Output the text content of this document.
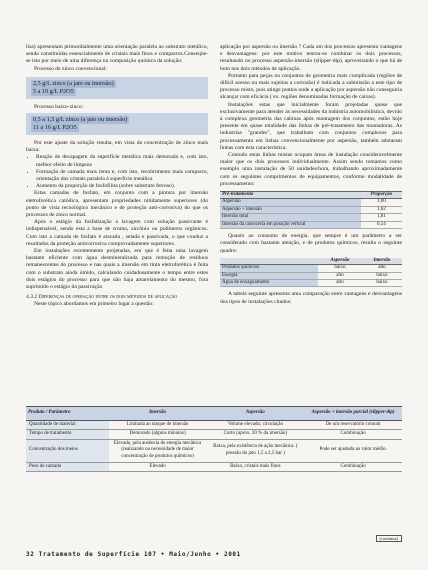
lisa) apresentam primordialmente uma orientação paralela ao substrato metálico, sendo constituídas essencialmente de cristais mais finos e compactos.Conseqüe-se isto por meio de uma diferença na composição química da solução:

Processo de zinco convencional:

2,5 g/L zinco (a jato ou imersão)
5 a 10 g/L P2O5

Processo baixo-zinco:

0,5 a 1,5 g/L zinco (a jato ou imersão)
11 a 16 g/L P2O5

Por este ajuste da solução resulta, em vista da concentração de zinco mais baixa:

• Reação de decapagem da superfície metálica mais demorada e, com isto, melhor efeito de limpeza
• Formação de camada mais lenta e, com isto, recobrimento mais compacto, orientação dos cristais paralela à superfície metálica
• Aumento da proporção de fosfofilita (sobre substrato ferroso).

Estas camadas de fosfato, em conjunto com a pintura por imersão eletroforética catódica, apresentam propriedades nitidamente superiores (do ponto de vista tecnológico mecânico e de proteção anti-corrosiva) do que os processos de zinco normal.

Após o estágio da fosfatização a lavagem com solução passivante é indispensável, sendo esta a base de cromo, zircônio ou polímeros orgânicos. Com isto a camada de fosfato é atacada , selada e passivada, o que conduz a resultados da proteção anticorrosiva comprovadamente superiores.

Em instalações recentemente projetadas, em que é feita uma lavagem bastante eficiente com água desmineralizada para remoção de resíduos remanescentes do processo e nas quais a imersão em tinta eletroforética é feita com o substrato ainda úmido, calculando cuidadosamente o tempo entre estes dois estágios do processo para que não haja amarelamento do mesmo, fora suprimido o estágio da passivação

4.3.2 Diferenças de operação entre os dois métodos de aplicação

Neste tópico abordamos em primeiro lugar a questão:

aplicação por aspersão ou imersão ? Cada um dos processos apresenta vantagens e desvantagens: por este motivo tentou-se combinar os dois processos, resultando no processo aspersão-imersão (slipper-dip), aproveitando o que há de bom nos dois métodos de aplicação.

Portanto para peças ou conjuntos de geometria mais complicada (regiões de difícil acesso ou mais sujeitas a corrosão) é indicada a submissão a este tipo de processo misto, pois atinge pontos onde a aplicação por aspersão não conseguiria alcançar com eficácia ( ex. regiões denominadas formação de caixas).

Instalações estas que inicialmente foram projetadas quase que exclusivamente para atender às necessidades da indústria automobilística, devido à complexa geometria das cabinas após montagem dos conjuntos, estão hoje presente em quase totalidade das linhas de pré-tratamento das montadoras. As industrias "grandes", que trabalham com conjuntos complexos para processamento em linhas convencionalmente por aspersão, também adotaram linhas com esta característica.

Contudo estas linhas mistas ocupam áreas de instalação consideravelmente maior que os dois processos individualmente. Assim sendo tomamos como exemplo uma instalação de 50 unidades/hora, trabalhando aproximadamente com os seguintes comprimentos de equipamentos, conforme modalidade de processamento:

Pré-tratamento	Proporção
Aspersão	1,00
Aspersão + imersão	1,62
Imersão total	1,81
Imersão da carroceria em posição vertical	0,54

Quanto ao consumo de energia, que sempre é um parâmetro a ser considerado com bastante atenção, e de produtos químicos, resulta o seguinte quadro:

	Aspersão	Imersão
Produtos químicos	baixo	alto
Energia	alto	baixo
Água de enxaguamento	alto	baixo

A tabela seguinte apresenta uma comparação entre vantagens e desvantagens dos tipos de instalações citados:

Produto / Parâmetro	Imersão	Aspersão	Aspersão + imersão parcial (slipper-dip)
Quantidade de material	Limitada ao tanque de imersão	Volume elevado, circulação	De um reservatório comum
Tempo de tratamento	Demorado (alguns minutos)	Curto (aprox. 20 % da imersão)	Combinação
Concentração dos meios	Elevada, pela ausência de energia mecânica (realizando na necessidade de maior concentração de produtos químicos)	Baixa, pela existência de ação mecânica. ( pressão do jato 1,5 a 2,5 bar )	Pode ser ajustada ao valor médio.
Peso de camada	Elevado	Baixo, cristais mais finos	Combinação
(continua)
32 Tratamento de Superfície 107 • Maio/Junho • 2001
